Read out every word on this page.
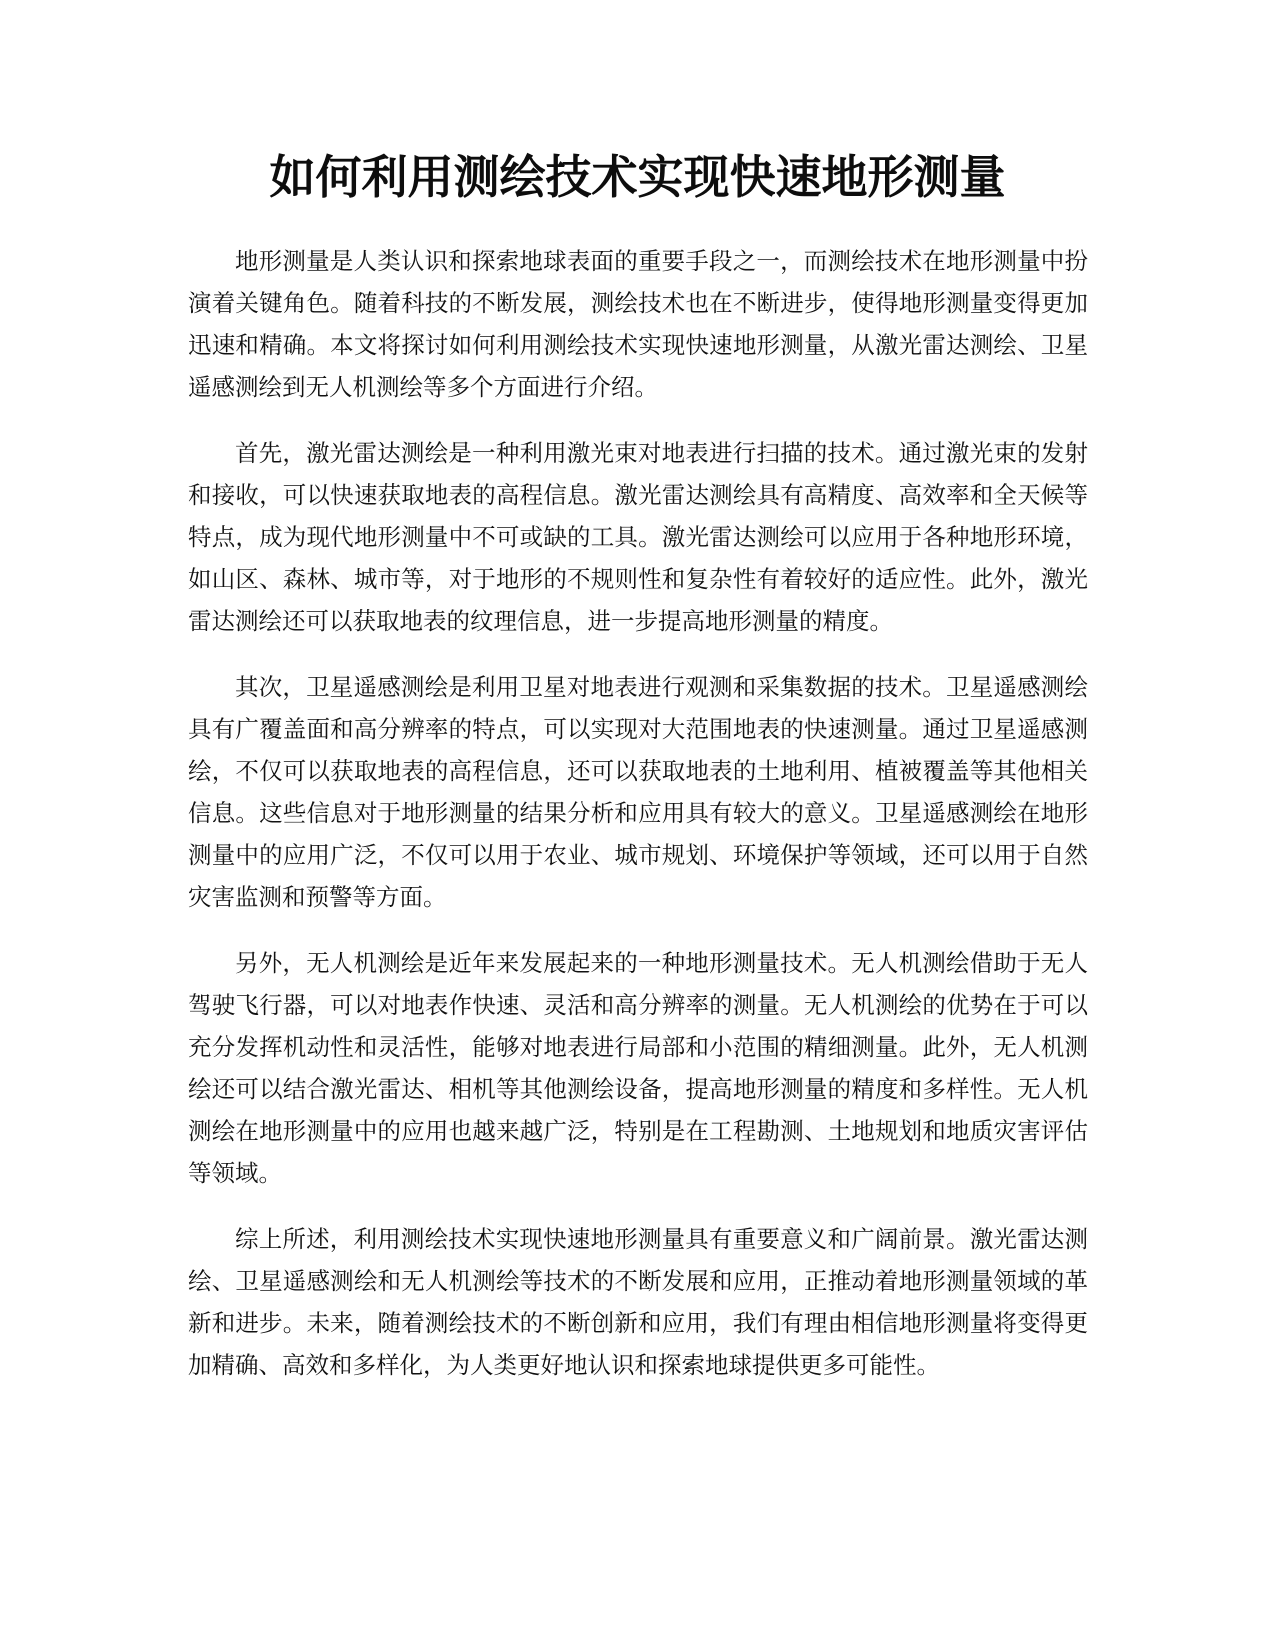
如何利用测绘技术实现快速地形测量

地形测量是人类认识和探索地球表面的重要手段之一，而测绘技术在地形测量中扮演着关键角色。随着科技的不断发展，测绘技术也在不断进步，使得地形测量变得更加迅速和精确。本文将探讨如何利用测绘技术实现快速地形测量，从激光雷达测绘、卫星遥感测绘到无人机测绘等多个方面进行介绍。

首先，激光雷达测绘是一种利用激光束对地表进行扫描的技术。通过激光束的发射和接收，可以快速获取地表的高程信息。激光雷达测绘具有高精度、高效率和全天候等特点，成为现代地形测量中不可或缺的工具。激光雷达测绘可以应用于各种地形环境，如山区、森林、城市等，对于地形的不规则性和复杂性有着较好的适应性。此外，激光雷达测绘还可以获取地表的纹理信息，进一步提高地形测量的精度。

其次，卫星遥感测绘是利用卫星对地表进行观测和采集数据的技术。卫星遥感测绘具有广覆盖面和高分辨率的特点，可以实现对大范围地表的快速测量。通过卫星遥感测绘，不仅可以获取地表的高程信息，还可以获取地表的土地利用、植被覆盖等其他相关信息。这些信息对于地形测量的结果分析和应用具有较大的意义。卫星遥感测绘在地形测量中的应用广泛，不仅可以用于农业、城市规划、环境保护等领域，还可以用于自然灾害监测和预警等方面。

另外，无人机测绘是近年来发展起来的一种地形测量技术。无人机测绘借助于无人驾驶飞行器，可以对地表作快速、灵活和高分辨率的测量。无人机测绘的优势在于可以充分发挥机动性和灵活性，能够对地表进行局部和小范围的精细测量。此外，无人机测绘还可以结合激光雷达、相机等其他测绘设备，提高地形测量的精度和多样性。无人机测绘在地形测量中的应用也越来越广泛，特别是在工程勘测、土地规划和地质灾害评估等领域。

综上所述，利用测绘技术实现快速地形测量具有重要意义和广阔前景。激光雷达测绘、卫星遥感测绘和无人机测绘等技术的不断发展和应用，正推动着地形测量领域的革新和进步。未来，随着测绘技术的不断创新和应用，我们有理由相信地形测量将变得更加精确、高效和多样化，为人类更好地认识和探索地球提供更多可能性。
